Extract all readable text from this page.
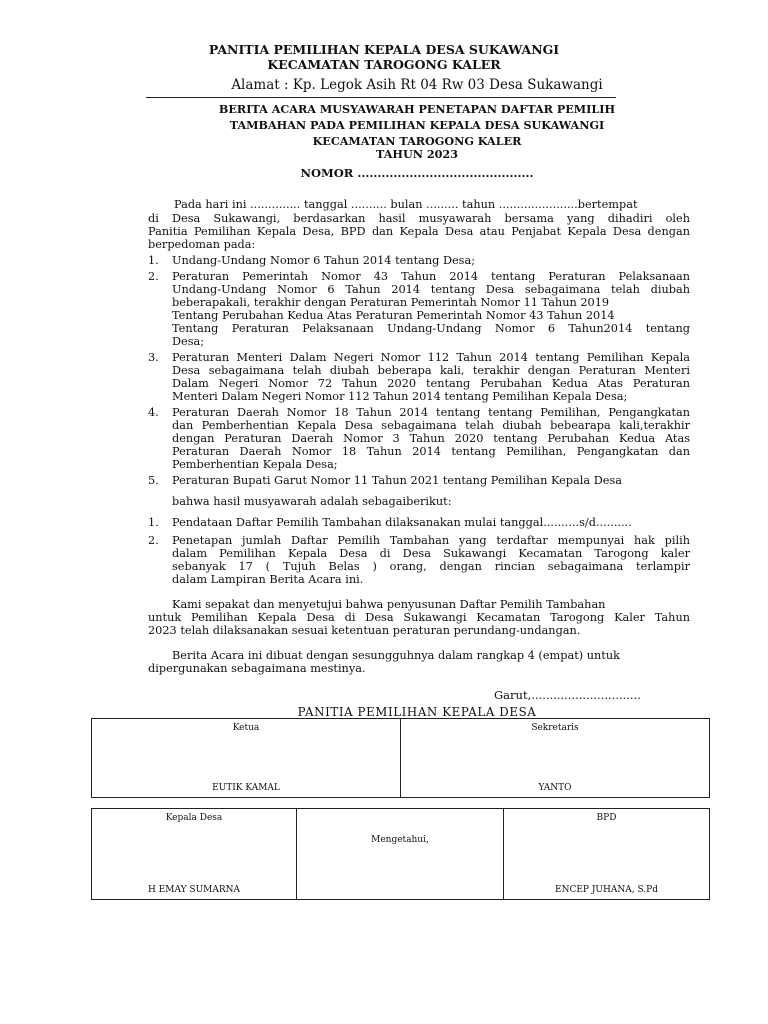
PANITIA PEMILIHAN KEPALA DESA SUKAWANGI
KECAMATAN TAROGONG KALER
Alamat : Kp. Legok Asih Rt 04 Rw 03 Desa Sukawangi
BERITA ACARA MUSYAWARAH PENETAPAN DAFTAR PEMILIH
TAMBAHAN PADA PEMILIHAN KEPALA DESA SUKAWANGI
KECAMATAN TAROGONG KALER
TAHUN 2023
NOMOR ............................................
Pada hari ini .............. tanggal .......... bulan ......... tahun ......................bertempat
di Desa Sukawangi, berdasarkan hasil musyawarah bersama yang dihadiri oleh
Panitia Pemilihan Kepala Desa, BPD dan Kepala Desa atau Penjabat Kepala Desa dengan
berpedoman pada:
1. Undang-Undang Nomor 6 Tahun 2014 tentang Desa;
2. Peraturan Pemerintah Nomor 43 Tahun 2014 tentang Peraturan Pelaksanaan
Undang-Undang Nomor 6 Tahun 2014 tentang Desa sebagaimana telah diubah
beberapakali, terakhir dengan Peraturan Pemerintah Nomor 11 Tahun 2019
Tentang Perubahan Kedua Atas Peraturan Pemerintah Nomor 43 Tahun 2014
Tentang Peraturan Pelaksanaan Undang-Undang Nomor 6 Tahun2014 tentang
Desa;
3. Peraturan Menteri Dalam Negeri Nomor 112 Tahun 2014 tentang Pemilihan Kepala
Desa sebagaimana telah diubah beberapa kali, terakhir dengan Peraturan Menteri
Dalam Negeri Nomor 72 Tahun 2020 tentang Perubahan Kedua Atas Peraturan
Menteri Dalam Negeri Nomor 112 Tahun 2014 tentang Pemilihan Kepala Desa;
4. Peraturan Daerah Nomor 18 Tahun 2014 tentang tentang Pemilihan, Pengangkatan
dan Pemberhentian Kepala Desa sebagaimana telah diubah bebearapa kali,terakhir
dengan Peraturan Daerah Nomor 3 Tahun 2020 tentang Perubahan Kedua Atas
Peraturan Daerah Nomor 18 Tahun 2014 tentang Pemilihan, Pengangkatan dan
Pemberhentian Kepala Desa;
5. Peraturan Bupati Garut Nomor 11 Tahun 2021 tentang Pemilihan Kepala Desa
bahwa hasil musyawarah adalah sebagaiberikut:
1. Pendataan Daftar Pemilih Tambahan dilaksanakan mulai tanggal..........s/d..........
2. Penetapan jumlah Daftar Pemilih Tambahan yang terdaftar mempunyai hak pilih
dalam Pemilihan Kepala Desa di Desa Sukawangi Kecamatan Tarogong kaler
sebanyak 17 ( Tujuh Belas ) orang, dengan rincian sebagaimana terlampir
dalam Lampiran Berita Acara ini.
Kami sepakat dan menyetujui bahwa penyusunan Daftar Pemilih Tambahan
untuk Pemilihan Kepala Desa di Desa Sukawangi Kecamatan Tarogong Kaler Tahun
2023 telah dilaksanakan sesuai ketentuan peraturan perundang-undangan.
Berita Acara ini dibuat dengan sesungguhnya dalam rangkap 4 (empat) untuk
dipergunakan sebagaimana mestinya.
Garut,..............................
PANITIA PEMILIHAN KEPALA DESA
Ketua
EUTIK KAMAL

Sekretaris
YANTO
Kepala Desa
H EMAY SUMARNA

Mengetahui,

BPD
ENCEP JUHANA, S.Pd
